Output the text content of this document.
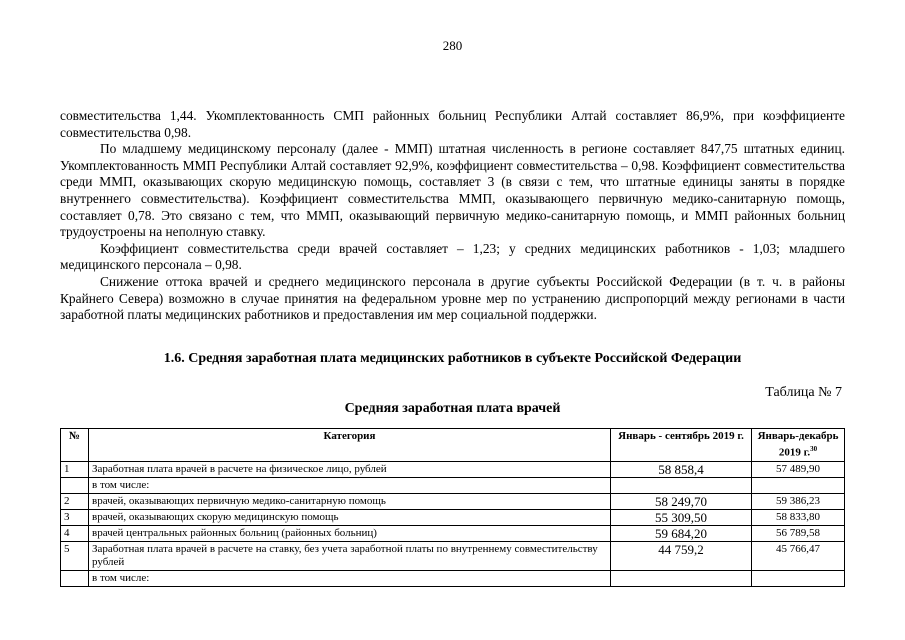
280

совместительства 1,44. Укомплектованность СМП районных больниц Республики Алтай составляет 86,9%, при коэффициенте совместительства 0,98.

По младшему медицинскому персоналу (далее - ММП) штатная численность в регионе составляет 847,75 штатных единиц. Укомплектованность ММП Республики Алтай составляет 92,9%, коэффициент совместительства – 0,98. Коэффициент совместительства среди ММП, оказывающих скорую медицинскую помощь, составляет 3 (в связи с тем, что штатные единицы заняты в порядке внутреннего совместительства). Коэффициент совместительства ММП, оказывающего первичную медико-санитарную помощь, составляет 0,78. Это связано с тем, что ММП, оказывающий первичную медико-санитарную помощь, и ММП районных больниц трудоустроены на неполную ставку.

Коэффициент совместительства среди врачей составляет – 1,23; у средних медицинских работников - 1,03; младшего медицинского персонала – 0,98.

Снижение оттока врачей и среднего медицинского персонала в другие субъекты Российской Федерации (в т. ч. в районы Крайнего Севера) возможно в случае принятия на федеральном уровне мер по устранению диспропорций между регионами в части заработной платы медицинских работников и предоставления им мер социальной поддержки.

1.6. Средняя заработная плата медицинских работников в субъекте Российской Федерации
Таблица № 7
Средняя заработная плата врачей
№	Категория	Январь - сентябрь 2019 г.	Январь-декабрь 2019 г.$^{30}$
1	Заработная плата врачей в расчете на физическое лицо, рублей	58 858,4	57 489,90
	в том числе:		
2	врачей, оказывающих первичную медико-санитарную помощь	58 249,70	59 386,23
3	врачей, оказывающих скорую медицинскую помощь	55 309,50	58 833,80
4	врачей центральных районных больниц (районных больниц)	59 684,20	56 789,58
5	Заработная плата врачей в расчете на ставку, без учета заработной платы по внутреннему совместительству рублей	44 759,2	45 766,47
	в том числе:		
